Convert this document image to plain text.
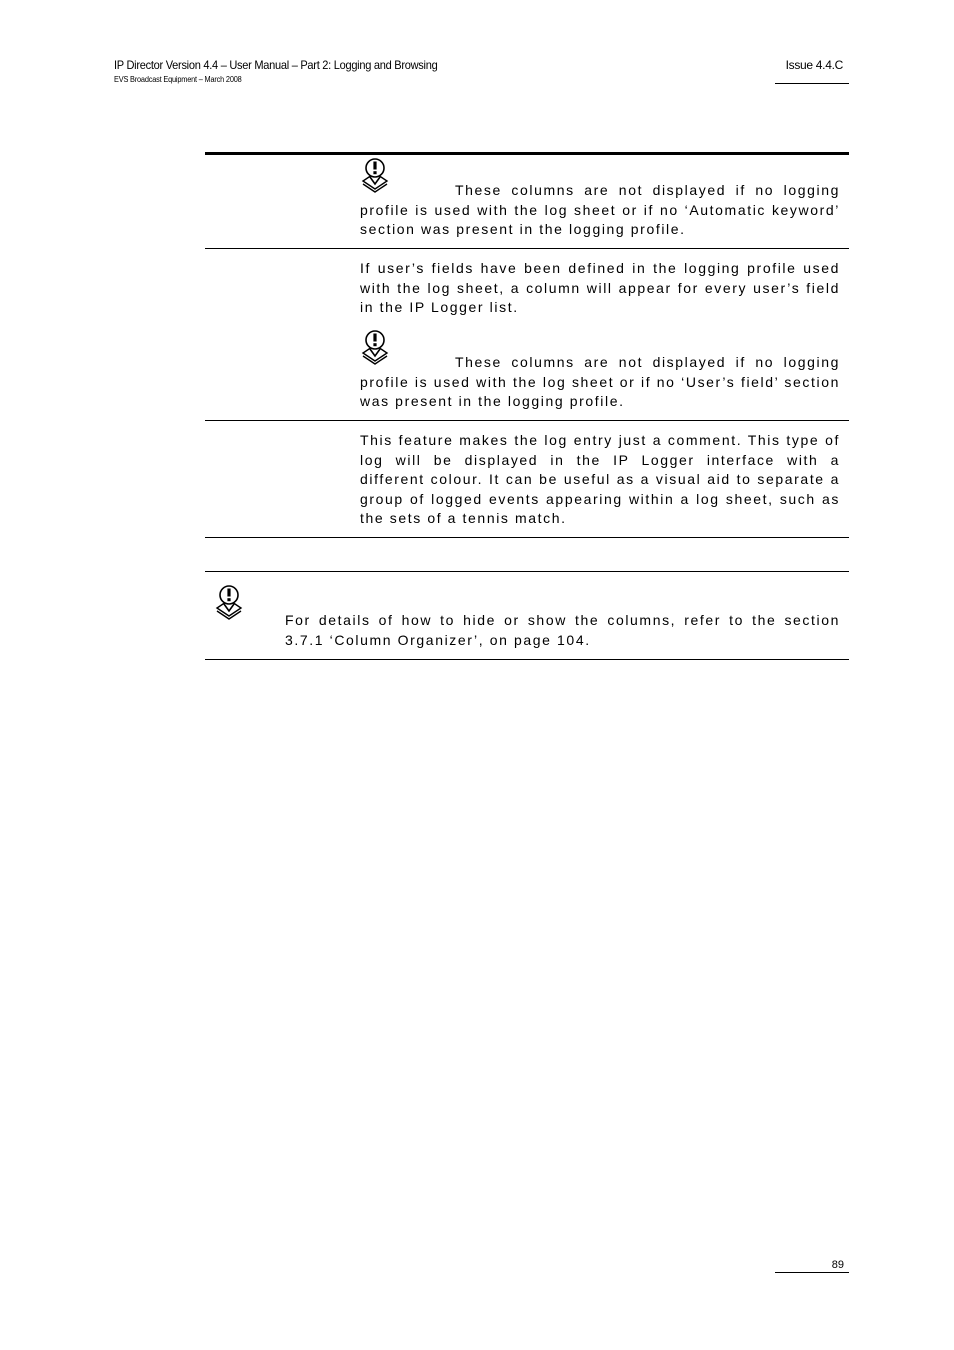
IP Director Version 4.4 – User Manual – Part 2: Logging and Browsing
EVS Broadcast Equipment – March 2008
Issue 4.4.C

These columns are not displayed if no logging profile is used with the log sheet or if no ‘Automatic keyword’ section was present in the logging profile.

If user’s fields have been defined in the logging profile used with the log sheet, a column will appear for every user’s field in the IP Logger list.

These columns are not displayed if no logging profile is used with the log sheet or if no ‘User’s field’ section was present in the logging profile.

This feature makes the log entry just a comment. This type of log will be displayed in the IP Logger interface with a different colour. It can be useful as a visual aid to separate a group of logged events appearing within a log sheet, such as the sets of a tennis match.

For details of how to hide or show the columns, refer to the section 3.7.1 ‘Column Organizer’, on page 104.

89
